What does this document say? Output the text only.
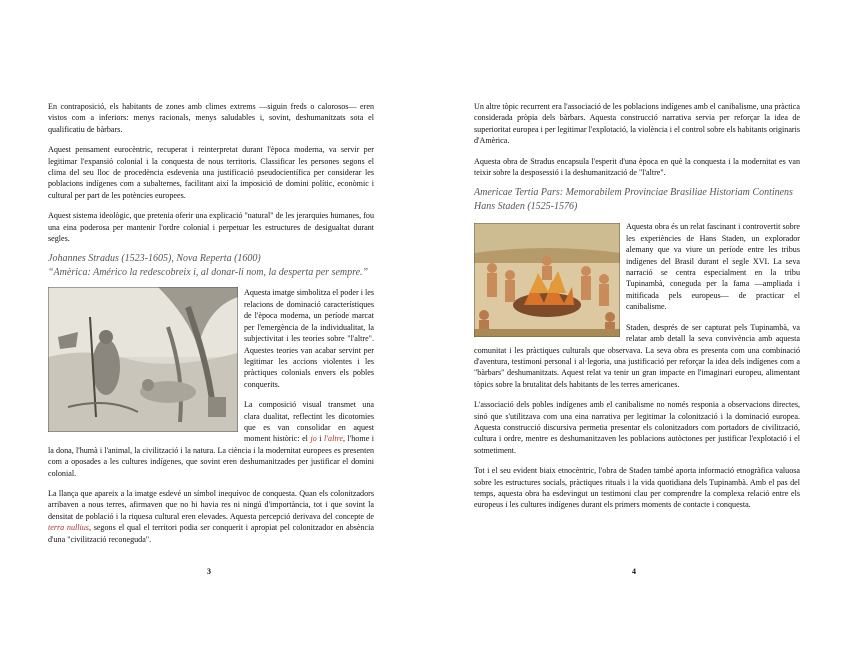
En contraposició, els habitants de zones amb climes extrems —siguin freds o calorosos— eren vistos com a inferiors: menys racionals, menys saludables i, sovint, deshumanitzats sota el qualificatiu de bàrbars.

Aquest pensament eurocèntric, recuperat i reinterpretat durant l'època moderna, va servir per legitimar l'expansió colonial i la conquesta de nous territoris. Classificar les persones segons el clima del seu lloc de procedència esdevenia una justificació pseudocientífica per considerar les poblacions indígenes com a subalternes, facilitant així la imposició de domini polític, econòmic i cultural per part de les potències europees.

Aquest sistema ideològic, que pretenia oferir una explicació "natural" de les jerarquies humanes, fou una eina poderosa per mantenir l'ordre colonial i perpetuar les estructures de desigualtat durant segles.

Johannes Stradus (1523-1605), Nova Reperta (1600)
“Amèrica: Américo la redescobreix i, al donar-li nom, la desperta per sempre.”

Aquesta imatge simbolitza el poder i les relacions de dominació característiques de l'època moderna, un període marcat per l'emergència de la individualitat, la subjectivitat i les teories sobre "l'altre". Aquestes teories van acabar servint per legitimar les accions violentes i les pràctiques colonials envers els pobles conquerits.

La composició visual transmet una clara dualitat, reflectint les dicotomies que es van consolidar en aquest moment històric: el jo i l'altre, l'home i la dona, l'humà i l'animal, la civilització i la natura. La ciència i la modernitat europees es presenten com a oposades a les cultures indígenes, que sovint eren deshumanitzades per justificar el domini colonial.

La llança que apareix a la imatge esdevé un símbol inequívoc de conquesta. Quan els colonitzadors arribaven a nous terres, afirmaven que no hi havia res ni ningú d'importància, tot i que sovint la densitat de població i la riquesa cultural eren elevades. Aquesta percepció derivava del concepte de terra nullius, segons el qual el territori podia ser conquerit i apropiat pel colonitzador en absència d'una "civilització reconeguda".

3

Un altre tòpic recurrent era l'associació de les poblacions indígenes amb el canibalisme, una pràctica considerada pròpia dels bàrbars. Aquesta construcció narrativa servia per reforçar la idea de superioritat europea i per legitimar l'explotació, la violència i el control sobre els habitants originaris d'Amèrica.

Aquesta obra de Stradus encapsula l'esperit d'una època en què la conquesta i la modernitat es van teixir sobre la desposessió i la deshumanització de "l'altre".

Americae Tertia Pars: Memorabilem Provinciae Brasiliae Historiam Continens
Hans Staden (1525-1576)

Aquesta obra és un relat fascinant i controvertit sobre les experiències de Hans Staden, un explorador alemany que va viure un període entre les tribus indígenes del Brasil durant el segle XVI. La seva narració se centra especialment en la tribu Tupinambà, coneguda per la fama —ampliada i mitificada pels europeus— de practicar el canibalisme.

Staden, després de ser capturat pels Tupinambà, va relatar amb detall la seva convivència amb aquesta comunitat i les pràctiques culturals que observava. La seva obra es presenta com una combinació d'aventura, testimoni personal i al·legoria, una justificació per reforçar la idea dels indígenes com a "bàrbars" deshumanitzats. Aquest relat va tenir un gran impacte en l'imaginari europeu, alimentant tòpics sobre la brutalitat dels habitants de les terres americanes.

L'associació dels pobles indígenes amb el canibalisme no només responia a observacions directes, sinó que s'utilitzava com una eina narrativa per legitimar la colonització i la dominació europea. Aquesta construcció discursiva permetia presentar els colonitzadors com portadors de civilització, cultura i ordre, mentre es deshumanitzaven les poblacions autòctones per justificar l'explotació i el sotmetiment.

Tot i el seu evident biaix etnocèntric, l'obra de Staden també aporta informació etnogràfica valuosa sobre les estructures socials, pràctiques rituals i la vida quotidiana dels Tupinambà. Amb el pas del temps, aquesta obra ha esdevingut un testimoni clau per comprendre la complexa relació entre els europeus i les cultures indígenes durant els primers moments de contacte i conquesta.

4
